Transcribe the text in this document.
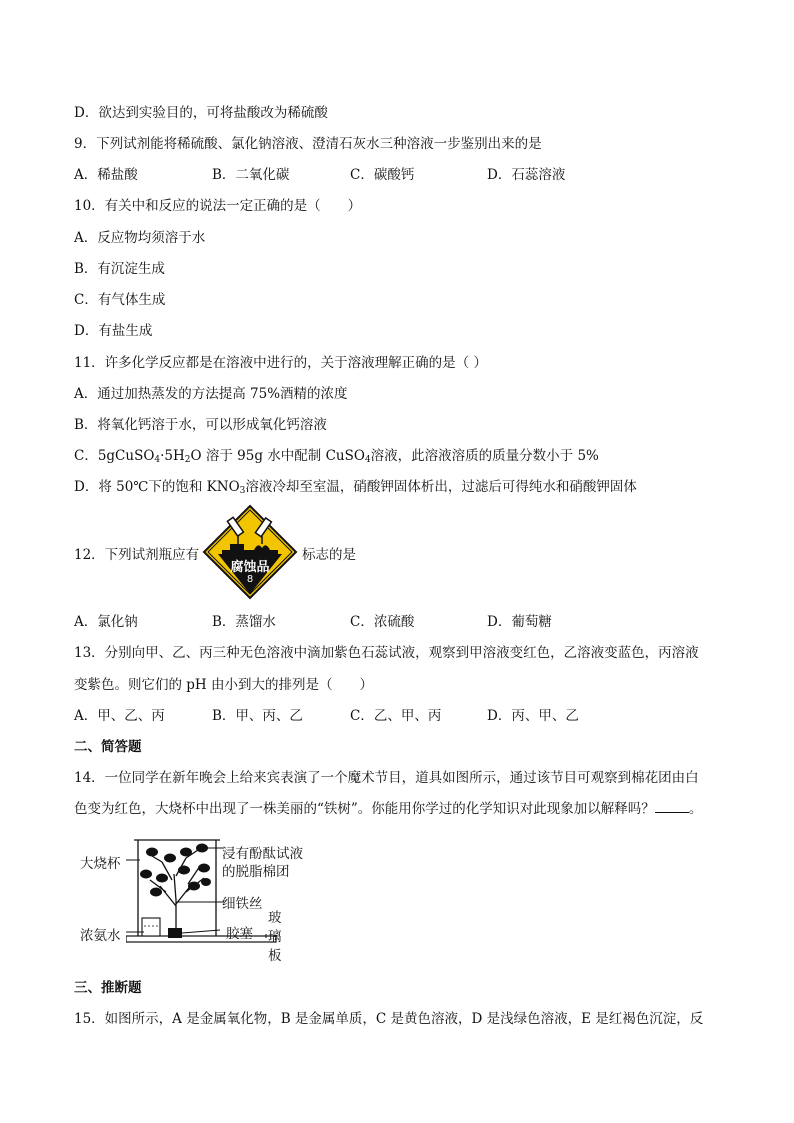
D．欲达到实验目的，可将盐酸改为稀硫酸
9．下列试剂能将稀硫酸、氯化钠溶液、澄清石灰水三种溶液一步鉴别出来的是
A．稀盐酸	B．二氧化碳	C．碳酸钙	D．石蕊溶液
10．有关中和反应的说法一定正确的是（　　）
A．反应物均须溶于水
B．有沉淀生成
C．有气体生成
D．有盐生成
11．许多化学反应都是在溶液中进行的，关于溶液理解正确的是（ ）
A．通过加热蒸发的方法提高 75%酒精的浓度
B．将氧化钙溶于水，可以形成氧化钙溶液
C．$5gCuSO_4\cdot 5H_2O$ 溶于 95g 水中配制 CuSO$_4$溶液，此溶液溶质的质量分数小于 5%
D．将 50℃下的饱和 $KNO_3$溶液冷却至室温，硝酸钾固体析出，过滤后可得纯水和硝酸钾固体
12．下列试剂瓶应有
腐蚀品
8
标志的是
A．氯化钠	B．蒸馏水	C．浓硫酸	D．葡萄糖
13．分别向甲、乙、丙三种无色溶液中滴加紫色石蕊试液，观察到甲溶液变红色，乙溶液变蓝色，丙溶液
变紫色。则它们的 pH 由小到大的排列是（　　）
A．甲、乙、丙	B．甲、丙、乙	C．乙、甲、丙	D．丙、甲、乙
二、简答题
14．一位同学在新年晚会上给来宾表演了一个魔术节目，道具如图所示，通过该节目可观察到棉花团由白
色变为红色，大烧杯中出现了一株美丽的“铁树”。你能用你学过的化学知识对此现象加以解释吗？	。
大烧杯
浸有酚酞试液
的脱脂棉团
细铁丝
浓氨水	胶塞
玻
璃
板
三、推断题
15．如图所示，A 是金属氧化物，B 是金属单质，C 是黄色溶液，D 是浅绿色溶液，E 是红褐色沉淀，反
